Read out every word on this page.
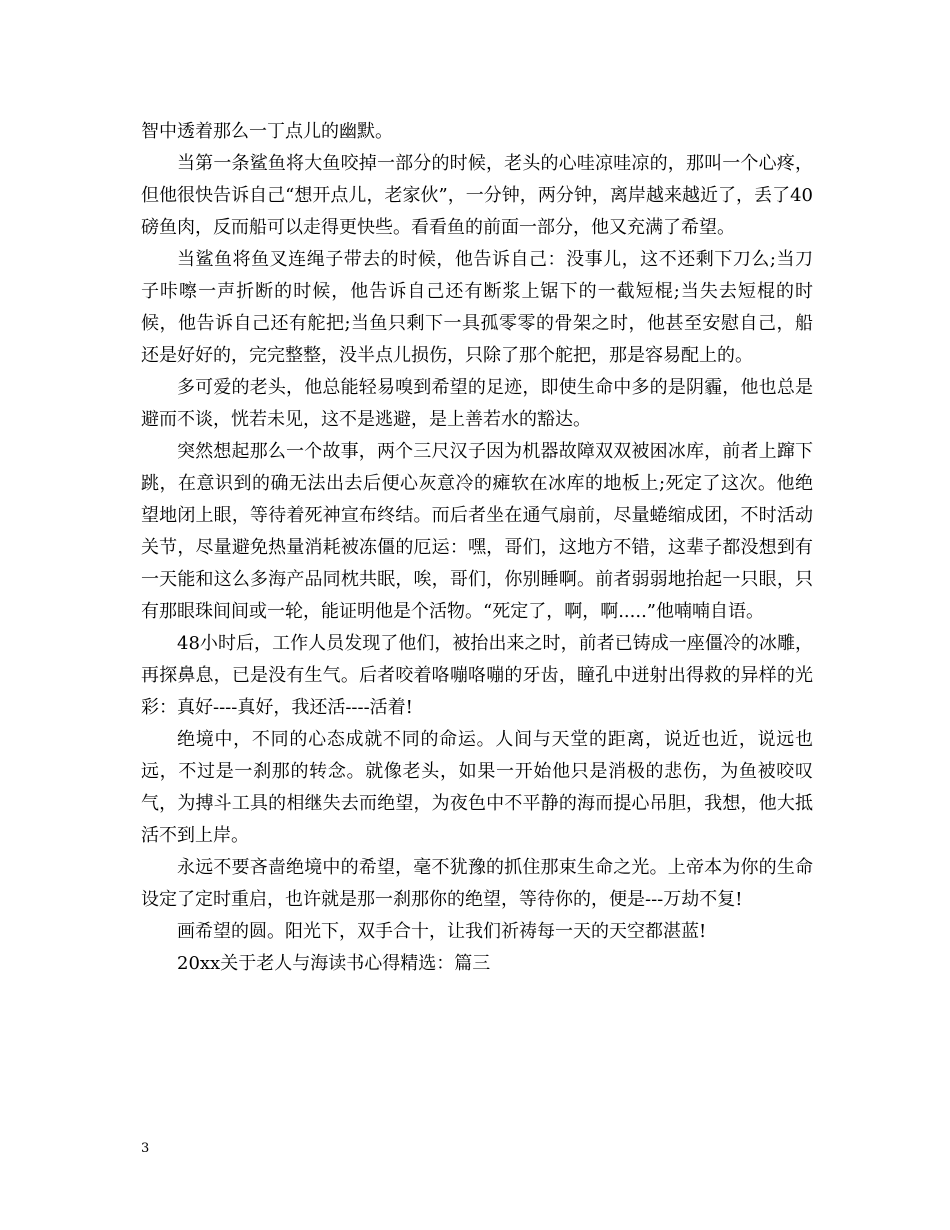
智中透着那么一丁点儿的幽默。

当第一条鲨鱼将大鱼咬掉一部分的时候，老头的心哇凉哇凉的，那叫一个心疼，但他很快告诉自己“想开点儿，老家伙”，一分钟，两分钟，离岸越来越近了，丢了40磅鱼肉，反而船可以走得更快些。看看鱼的前面一部分，他又充满了希望。

当鲨鱼将鱼叉连绳子带去的时候，他告诉自己：没事儿，这不还剩下刀么;当刀子咔嚓一声折断的时候，他告诉自己还有断浆上锯下的一截短棍;当失去短棍的时候，他告诉自己还有舵把;当鱼只剩下一具孤零零的骨架之时，他甚至安慰自己，船还是好好的，完完整整，没半点儿损伤，只除了那个舵把，那是容易配上的。

多可爱的老头，他总能轻易嗅到希望的足迹，即使生命中多的是阴霾，他也总是避而不谈，恍若未见，这不是逃避，是上善若水的豁达。

突然想起那么一个故事，两个三尺汉子因为机器故障双双被困冰库，前者上蹿下跳，在意识到的确无法出去后便心灰意冷的瘫软在冰库的地板上;死定了这次。他绝望地闭上眼，等待着死神宣布终结。而后者坐在通气扇前，尽量蜷缩成团，不时活动关节，尽量避免热量消耗被冻僵的厄运：嘿，哥们，这地方不错，这辈子都没想到有一天能和这么多海产品同枕共眠，唉，哥们，你别睡啊。前者弱弱地抬起一只眼，只有那眼珠间间或一轮，能证明他是个活物。“死定了，啊，啊.....”他喃喃自语。

48小时后，工作人员发现了他们，被抬出来之时，前者已铸成一座僵冷的冰雕，再探鼻息，已是没有生气。后者咬着咯嘣咯嘣的牙齿，瞳孔中迸射出得救的异样的光彩：真好----真好，我还活----活着!

绝境中，不同的心态成就不同的命运。人间与天堂的距离，说近也近，说远也远，不过是一刹那的转念。就像老头，如果一开始他只是消极的悲伤，为鱼被咬叹气，为搏斗工具的相继失去而绝望，为夜色中不平静的海而提心吊胆，我想，他大抵活不到上岸。

永远不要吝啬绝境中的希望，毫不犹豫的抓住那束生命之光。上帝本为你的生命设定了定时重启，也许就是那一刹那你的绝望，等待你的，便是---万劫不复!

画希望的圆。阳光下，双手合十，让我们祈祷每一天的天空都湛蓝!

20xx关于老人与海读书心得精选：篇三

3
